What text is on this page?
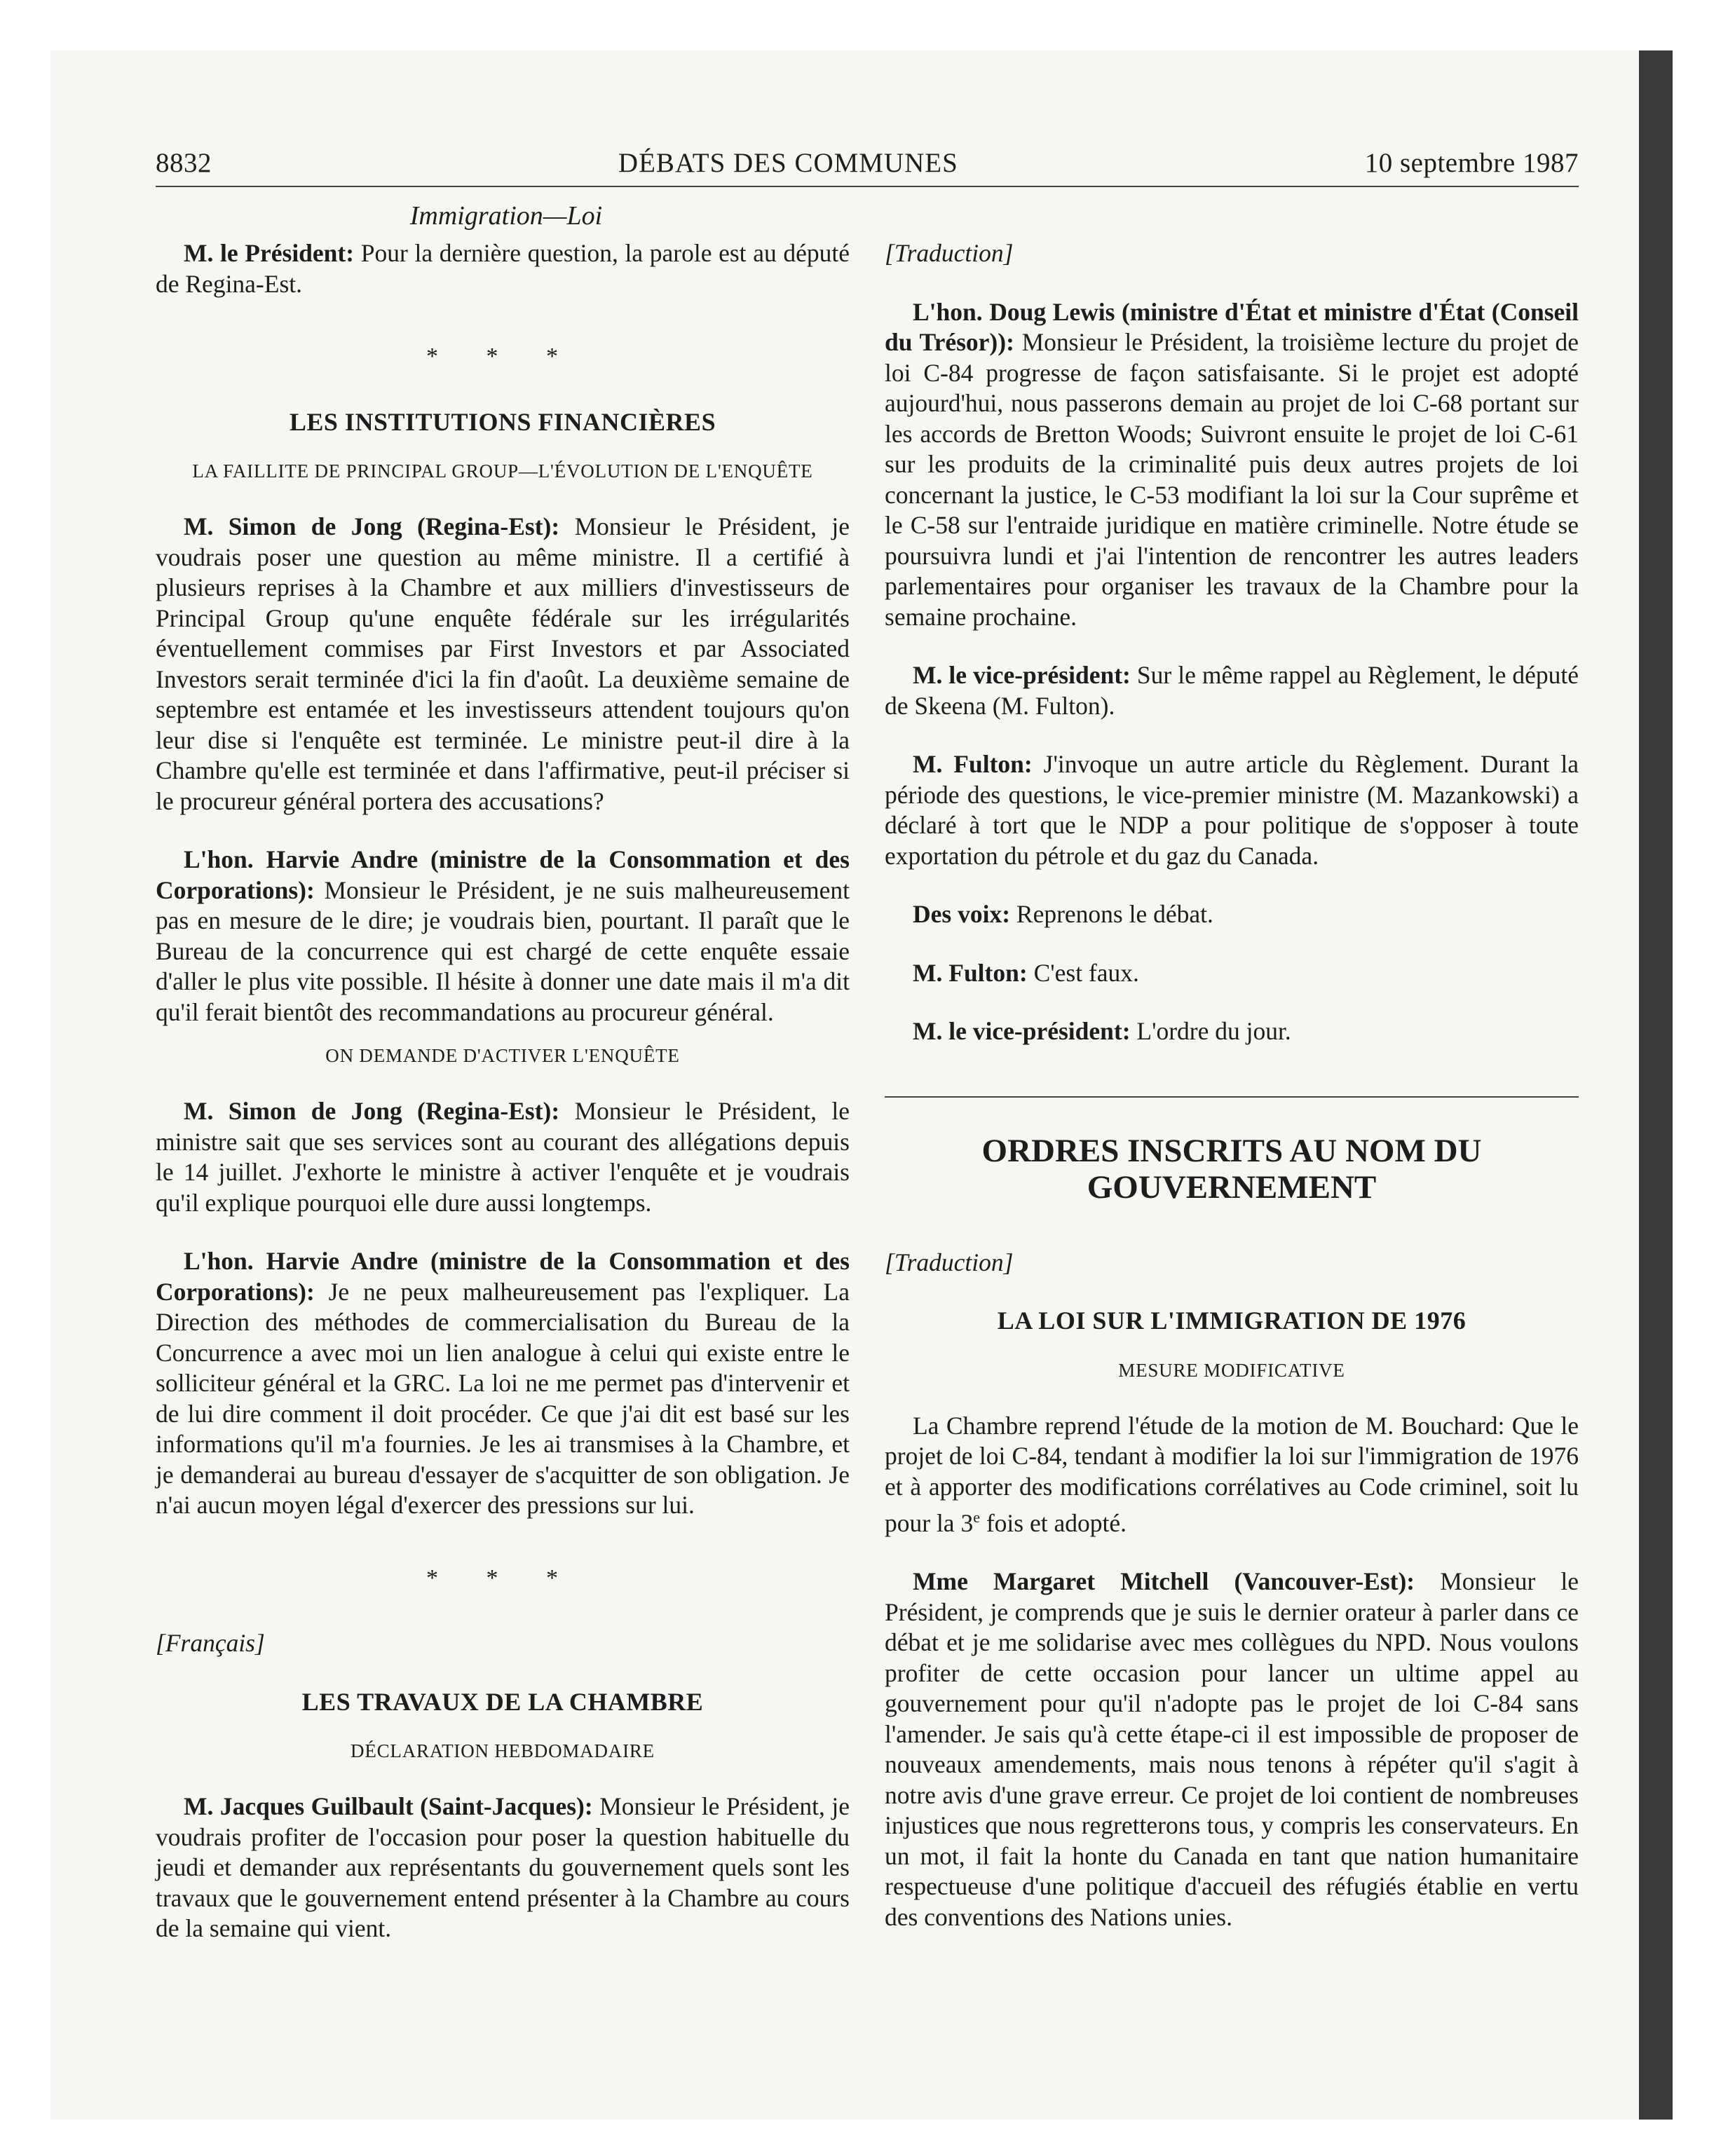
8832	DÉBATS DES COMMUNES	10 septembre 1987
Immigration—Loi

M. le Président: Pour la dernière question, la parole est au député de Regina-Est.

* * *
LES INSTITUTIONS FINANCIÈRES
LA FAILLITE DE PRINCIPAL GROUP—L'ÉVOLUTION DE L'ENQUÊTE

M. Simon de Jong (Regina-Est): Monsieur le Président, je voudrais poser une question au même ministre. Il a certifié à plusieurs reprises à la Chambre et aux milliers d'investisseurs de Principal Group qu'une enquête fédérale sur les irrégularités éventuellement commises par First Investors et par Associated Investors serait terminée d'ici la fin d'août. La deuxième semaine de septembre est entamée et les investisseurs attendent toujours qu'on leur dise si l'enquête est terminée. Le ministre peut-il dire à la Chambre qu'elle est terminée et dans l'affirmative, peut-il préciser si le procureur général portera des accusations?

L'hon. Harvie Andre (ministre de la Consommation et des Corporations): Monsieur le Président, je ne suis malheureusement pas en mesure de le dire; je voudrais bien, pourtant. Il paraît que le Bureau de la concurrence qui est chargé de cette enquête essaie d'aller le plus vite possible. Il hésite à donner une date mais il m'a dit qu'il ferait bientôt des recommandations au procureur général.

ON DEMANDE D'ACTIVER L'ENQUÊTE

M. Simon de Jong (Regina-Est): Monsieur le Président, le ministre sait que ses services sont au courant des allégations depuis le 14 juillet. J'exhorte le ministre à activer l'enquête et je voudrais qu'il explique pourquoi elle dure aussi longtemps.

L'hon. Harvie Andre (ministre de la Consommation et des Corporations): Je ne peux malheureusement pas l'expliquer. La Direction des méthodes de commercialisation du Bureau de la Concurrence a avec moi un lien analogue à celui qui existe entre le solliciteur général et la GRC. La loi ne me permet pas d'intervenir et de lui dire comment il doit procéder. Ce que j'ai dit est basé sur les informations qu'il m'a fournies. Je les ai transmises à la Chambre, et je demanderai au bureau d'essayer de s'acquitter de son obligation. Je n'ai aucun moyen légal d'exercer des pressions sur lui.

* * *
[Français]
LES TRAVAUX DE LA CHAMBRE
DÉCLARATION HEBDOMADAIRE

M. Jacques Guilbault (Saint-Jacques): Monsieur le Président, je voudrais profiter de l'occasion pour poser la question habituelle du jeudi et demander aux représentants du gouvernement quels sont les travaux que le gouvernement entend présenter à la Chambre au cours de la semaine qui vient.

[Traduction]

L'hon. Doug Lewis (ministre d'État et ministre d'État (Conseil du Trésor)): Monsieur le Président, la troisième lecture du projet de loi C-84 progresse de façon satisfaisante. Si le projet est adopté aujourd'hui, nous passerons demain au projet de loi C-68 portant sur les accords de Bretton Woods; Suivront ensuite le projet de loi C-61 sur les produits de la criminalité puis deux autres projets de loi concernant la justice, le C-53 modifiant la loi sur la Cour suprême et le C-58 sur l'entraide juridique en matière criminelle. Notre étude se poursuivra lundi et j'ai l'intention de rencontrer les autres leaders parlementaires pour organiser les travaux de la Chambre pour la semaine prochaine.

M. le vice-président: Sur le même rappel au Règlement, le député de Skeena (M. Fulton).

M. Fulton: J'invoque un autre article du Règlement. Durant la période des questions, le vice-premier ministre (M. Mazankowski) a déclaré à tort que le NDP a pour politique de s'opposer à toute exportation du pétrole et du gaz du Canada.

Des voix: Reprenons le débat.

M. Fulton: C'est faux.

M. le vice-président: L'ordre du jour.

ORDRES INSCRITS AU NOM DU GOUVERNEMENT
[Traduction]
LA LOI SUR L'IMMIGRATION DE 1976
MESURE MODIFICATIVE

La Chambre reprend l'étude de la motion de M. Bouchard: Que le projet de loi C-84, tendant à modifier la loi sur l'immigration de 1976 et à apporter des modifications corrélatives au Code criminel, soit lu pour la 3e fois et adopté.

Mme Margaret Mitchell (Vancouver-Est): Monsieur le Président, je comprends que je suis le dernier orateur à parler dans ce débat et je me solidarise avec mes collègues du NPD. Nous voulons profiter de cette occasion pour lancer un ultime appel au gouvernement pour qu'il n'adopte pas le projet de loi C-84 sans l'amender. Je sais qu'à cette étape-ci il est impossible de proposer de nouveaux amendements, mais nous tenons à répéter qu'il s'agit à notre avis d'une grave erreur. Ce projet de loi contient de nombreuses injustices que nous regretterons tous, y compris les conservateurs. En un mot, il fait la honte du Canada en tant que nation humanitaire respectueuse d'une politique d'accueil des réfugiés établie en vertu des conventions des Nations unies.
